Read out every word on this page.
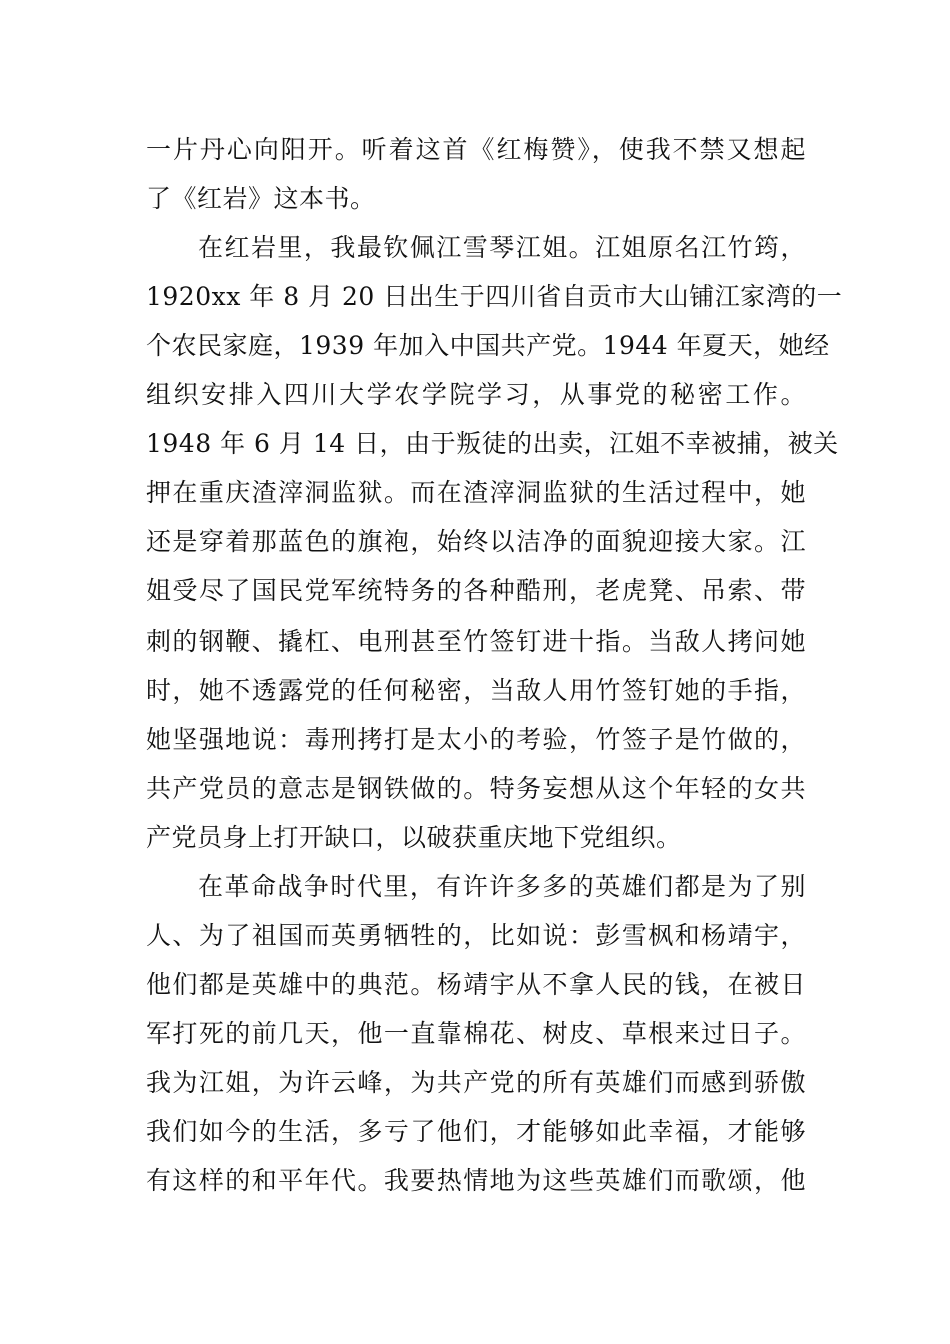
一片丹心向阳开。听着这首《红梅赞》，使我不禁又想起
了《红岩》这本书。
在红岩里，我最钦佩江雪琴江姐。江姐原名江竹筠，
1920xx 年 8 月 20 日出生于四川省自贡市大山铺江家湾的一
个农民家庭，1939 年加入中国共产党。1944 年夏天，她经
组织安排入四川大学农学院学习，从事党的秘密工作。
1948 年 6 月 14 日，由于叛徒的出卖，江姐不幸被捕，被关
押在重庆渣滓洞监狱。而在渣滓洞监狱的生活过程中，她
还是穿着那蓝色的旗袍，始终以洁净的面貌迎接大家。江
姐受尽了国民党军统特务的各种酷刑，老虎凳、吊索、带
刺的钢鞭、撬杠、电刑甚至竹签钉进十指。当敌人拷问她
时，她不透露党的任何秘密，当敌人用竹签钉她的手指，
她坚强地说：毒刑拷打是太小的考验，竹签子是竹做的，
共产党员的意志是钢铁做的。特务妄想从这个年轻的女共
产党员身上打开缺口，以破获重庆地下党组织。
在革命战争时代里，有许许多多的英雄们都是为了别
人、为了祖国而英勇牺牲的，比如说：彭雪枫和杨靖宇，
他们都是英雄中的典范。杨靖宇从不拿人民的钱，在被日
军打死的前几天，他一直靠棉花、树皮、草根来过日子。
我为江姐，为许云峰，为共产党的所有英雄们而感到骄傲
我们如今的生活，多亏了他们，才能够如此幸福，才能够
有这样的和平年代。我要热情地为这些英雄们而歌颂，他
